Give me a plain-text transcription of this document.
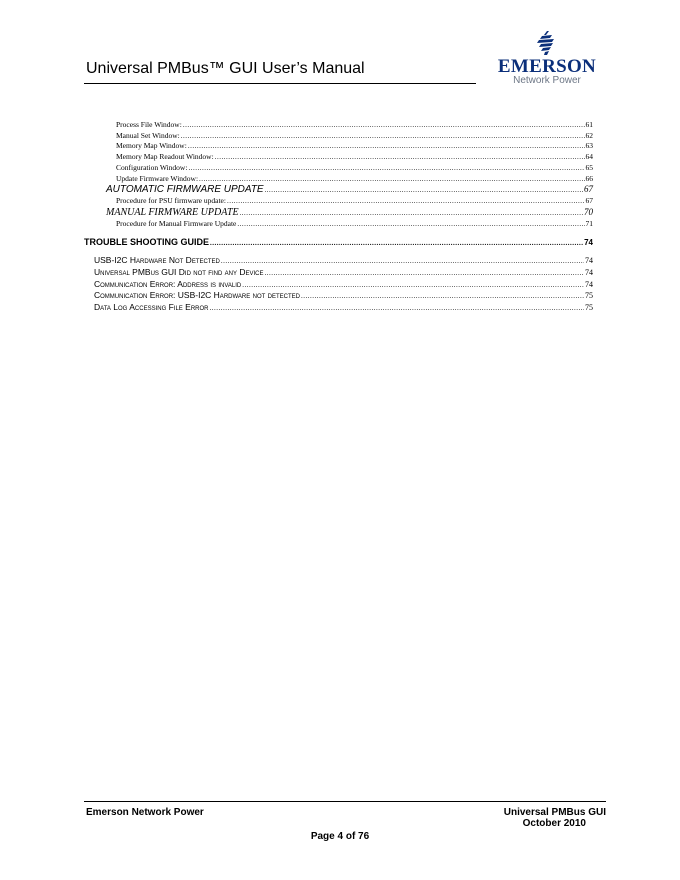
Universal PMBus™ GUI User’s Manual	EMERSON
Network Power
Process File Window: .....	61
Manual Set Window: .....	62
Memory Map Window: .....	63
Memory Map Readout Window: .....	64
Configuration Window: .....	65
Update Firmware Window: .....	66
AUTOMATIC FIRMWARE UPDATE .....	67
Procedure for PSU firmware update: .....	67
MANUAL FIRMWARE UPDATE .....	70
Procedure for Manual Firmware Update .....	71
TROUBLE SHOOTING GUIDE .....	74
USB-I2C Hardware Not Detected .....	74
Universal PMBus GUI Did not find any Device .....	74
Communication Error: Address is invalid .....	74
Communication Error: USB-I2C Hardware not detected .....	75
Data Log Accessing File Error .....	75
Emerson Network Power	Universal PMBus GUI
October 2010
Page 4 of 76
